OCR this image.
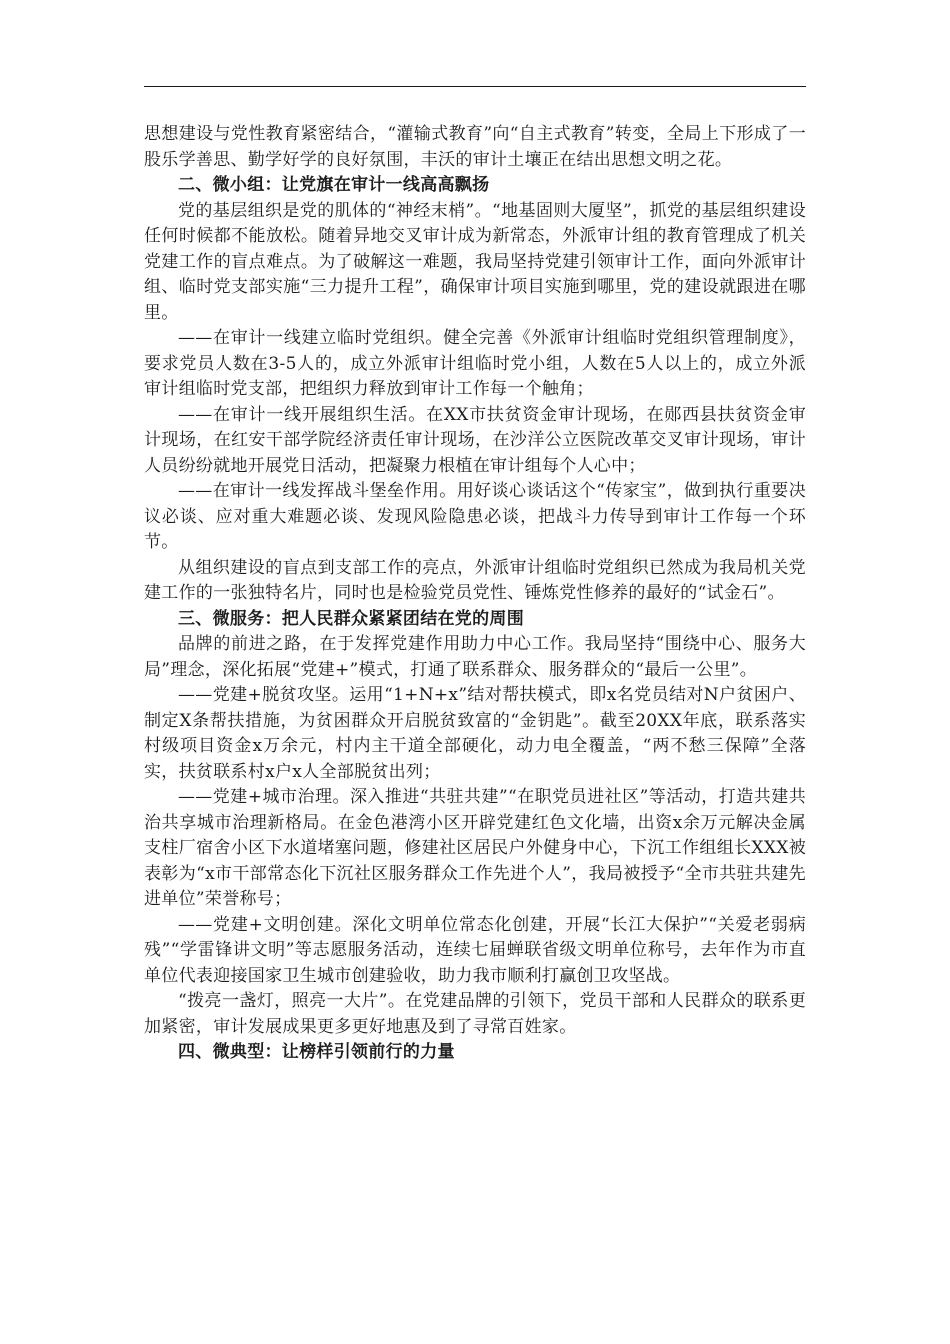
思想建设与党性教育紧密结合，“灌输式教育”向“自主式教育”转变，全局上下形成了一股乐学善思、勤学好学的良好氛围，丰沃的审计土壤正在结出思想文明之花。

二、微小组：让党旗在审计一线高高飘扬

党的基层组织是党的肌体的“神经末梢”。“地基固则大厦坚”，抓党的基层组织建设任何时候都不能放松。随着异地交叉审计成为新常态，外派审计组的教育管理成了机关党建工作的盲点难点。为了破解这一难题，我局坚持党建引领审计工作，面向外派审计组、临时党支部实施“三力提升工程”，确保审计项目实施到哪里，党的建设就跟进在哪里。

——在审计一线建立临时党组织。健全完善《外派审计组临时党组织管理制度》，要求党员人数在3-5人的，成立外派审计组临时党小组，人数在5人以上的，成立外派审计组临时党支部，把组织力释放到审计工作每一个触角；

——在审计一线开展组织生活。在XX市扶贫资金审计现场，在郧西县扶贫资金审计现场，在红安干部学院经济责任审计现场，在沙洋公立医院改革交叉审计现场，审计人员纷纷就地开展党日活动，把凝聚力根植在审计组每个人心中；

——在审计一线发挥战斗堡垒作用。用好谈心谈话这个“传家宝”，做到执行重要决议必谈、应对重大难题必谈、发现风险隐患必谈，把战斗力传导到审计工作每一个环节。

从组织建设的盲点到支部工作的亮点，外派审计组临时党组织已然成为我局机关党建工作的一张独特名片，同时也是检验党员党性、锤炼党性修养的最好的“试金石”。

三、微服务：把人民群众紧紧团结在党的周围

品牌的前进之路，在于发挥党建作用助力中心工作。我局坚持“围绕中心、服务大局”理念，深化拓展“党建+”模式，打通了联系群众、服务群众的“最后一公里”。

——党建+脱贫攻坚。运用“1+N+x”结对帮扶模式，即x名党员结对N户贫困户、制定X条帮扶措施，为贫困群众开启脱贫致富的“金钥匙”。截至20XX年底，联系落实村级项目资金x万余元，村内主干道全部硬化，动力电全覆盖，“两不愁三保障”全落实，扶贫联系村x户x人全部脱贫出列；

——党建+城市治理。深入推进“共驻共建”“在职党员进社区”等活动，打造共建共治共享城市治理新格局。在金色港湾小区开辟党建红色文化墙，出资x余万元解决金属支柱厂宿舍小区下水道堵塞问题，修建社区居民户外健身中心，下沉工作组组长XXX被表彰为“x市干部常态化下沉社区服务群众工作先进个人”，我局被授予“全市共驻共建先进单位”荣誉称号；

——党建+文明创建。深化文明单位常态化创建，开展“长江大保护”“关爱老弱病残”“学雷锋讲文明”等志愿服务活动，连续七届蝉联省级文明单位称号，去年作为市直单位代表迎接国家卫生城市创建验收，助力我市顺利打赢创卫攻坚战。

“拨亮一盏灯，照亮一大片”。在党建品牌的引领下，党员干部和人民群众的联系更加紧密，审计发展成果更多更好地惠及到了寻常百姓家。

四、微典型：让榜样引领前行的力量
